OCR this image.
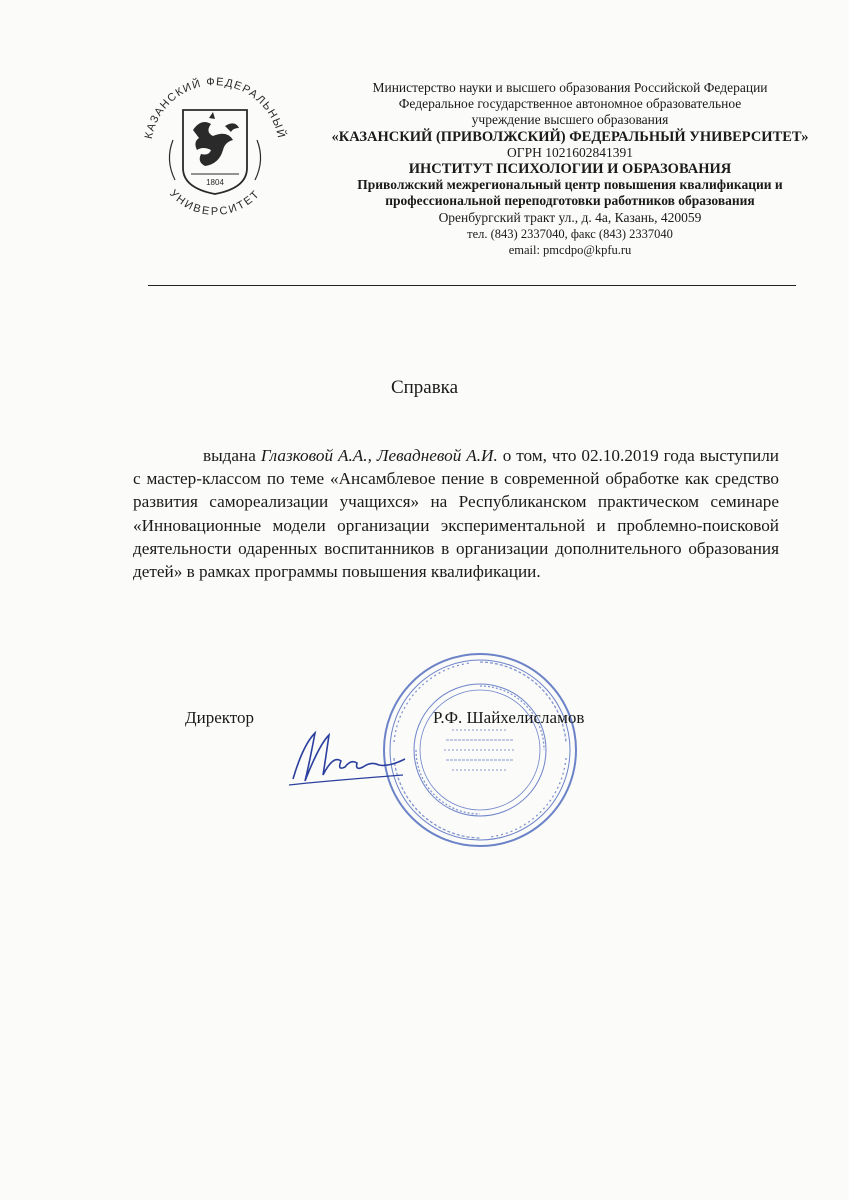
КАЗАНСКИЙ ФЕДЕРАЛЬНЫЙ
УНИВЕРСИТЕТ
1804
Министерство науки и высшего образования Российской Федерации
Федеральное государственное автономное образовательное
учреждение высшего образования
«КАЗАНСКИЙ (ПРИВОЛЖСКИЙ) ФЕДЕРАЛЬНЫЙ УНИВЕРСИТЕТ»
ОГРН 1021602841391
ИНСТИТУТ ПСИХОЛОГИИ И ОБРАЗОВАНИЯ
Приволжский межрегиональный центр повышения квалификации и
профессиональной переподготовки работников образования
Оренбургский тракт ул., д. 4а, Казань, 420059
тел. (843) 2337040, факс (843) 2337040
email: pmcdpo@kpfu.ru
Справка

выдана Глазковой А.А., Левадневой А.И. о том, что 02.10.2019 года выступили с мастер-классом по теме «Ансамблевое пение в современной обработке как средство развития самореализации учащихся» на Республиканском практическом семинаре «Инновационные модели организации экспериментальной и проблемно-поисковой деятельности одаренных воспитанников в организации дополнительного образования детей» в рамках программы повышения квалификации.

Директор	Р.Ф. Шайхелисламов
